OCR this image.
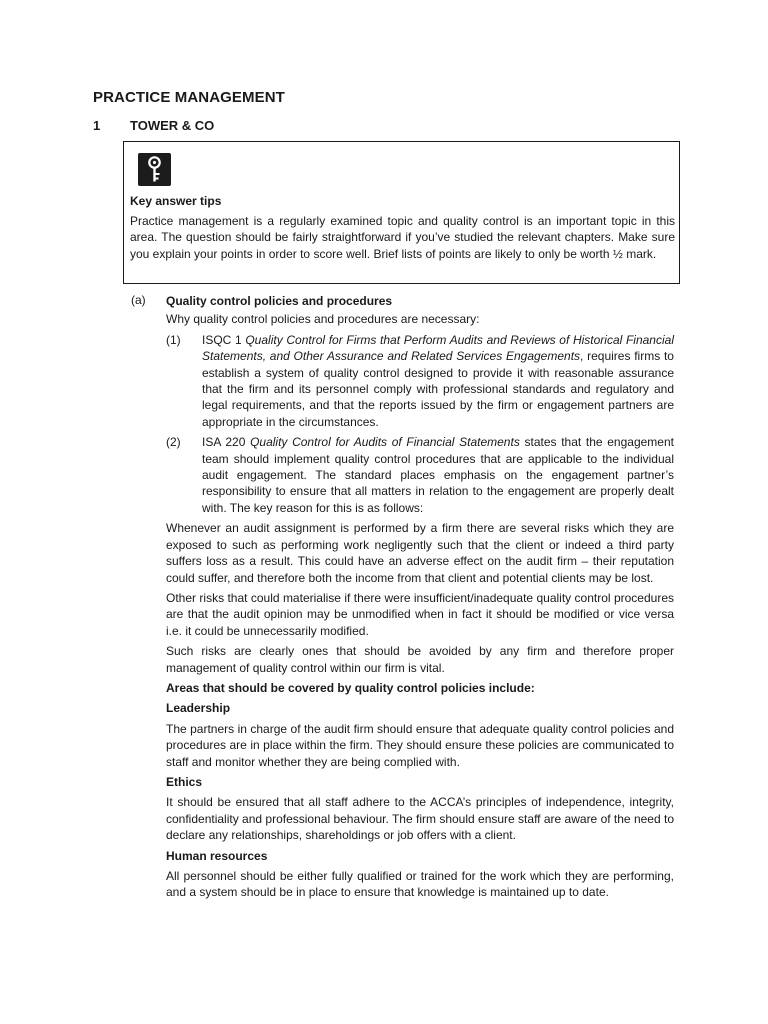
PRACTICE MANAGEMENT
1 TOWER & CO
Key answer tips
Practice management is a regularly examined topic and quality control is an important topic in this area. The question should be fairly straightforward if you’ve studied the relevant chapters. Make sure you explain your points in order to score well. Brief lists of points are likely to only be worth ½ mark.
(a) Quality control policies and procedures

Why quality control policies and procedures are necessary:

(1)	ISQC 1 Quality Control for Firms that Perform Audits and Reviews of Historical Financial Statements, and Other Assurance and Related Services Engagements, requires firms to establish a system of quality control designed to provide it with reasonable assurance that the firm and its personnel comply with professional standards and regulatory and legal requirements, and that the reports issued by the firm or engagement partners are appropriate in the circumstances.
(2)	ISA 220 Quality Control for Audits of Financial Statements states that the engagement team should implement quality control procedures that are applicable to the individual audit engagement. The standard places emphasis on the engagement partner’s responsibility to ensure that all matters in relation to the engagement are properly dealt with. The key reason for this is as follows:

Whenever an audit assignment is performed by a firm there are several risks which they are exposed to such as performing work negligently such that the client or indeed a third party suffers loss as a result. This could have an adverse effect on the audit firm – their reputation could suffer, and therefore both the income from that client and potential clients may be lost.

Other risks that could materialise if there were insufficient/inadequate quality control procedures are that the audit opinion may be unmodified when in fact it should be modified or vice versa i.e. it could be unnecessarily modified.

Such risks are clearly ones that should be avoided by any firm and therefore proper management of quality control within our firm is vital.

Areas that should be covered by quality control policies include:

Leadership

The partners in charge of the audit firm should ensure that adequate quality control policies and procedures are in place within the firm. They should ensure these policies are communicated to staff and monitor whether they are being complied with.

Ethics

It should be ensured that all staff adhere to the ACCA’s principles of independence, integrity, confidentiality and professional behaviour. The firm should ensure staff are aware of the need to declare any relationships, shareholdings or job offers with a client.

Human resources

All personnel should be either fully qualified or trained for the work which they are performing, and a system should be in place to ensure that knowledge is maintained up to date.
